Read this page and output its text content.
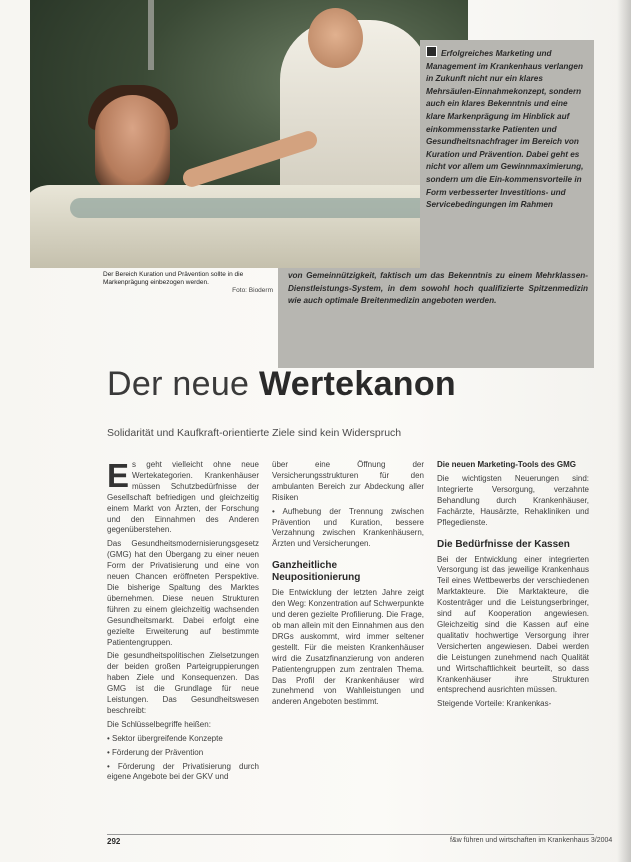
Erfolgreiches Marketing und Management im Krankenhaus verlangen in Zukunft nicht nur ein klares Mehrsäulen-Einnahmekonzept, sondern auch ein klares Bekenntnis und eine klare Markenprägung im Hinblick auf einkommensstarke Patienten und Gesundheitsnachfrager im Bereich von Kuration und Prävention. Dabei geht es nicht vor allem um Gewinnmaximierung, sondern um die Ein-kommensvorteile in Form verbesserter Investitions- und Servicebedingungen im Rahmen
von Gemeinnützigkeit, faktisch um das Bekenntnis zu einem Mehrklassen-Dienstleistungs-System, in dem sowohl hoch qualifizierte Spitzenmedizin wie auch optimale Breitenmedizin angeboten werden.
Der Bereich Kuration und Prävention sollte in die Markenprägung einbezogen werden.
Foto: Bioderm
Der neue Wertekanon
Solidarität und Kaufkraft-orientierte Ziele sind kein Widerspruch

Es geht vielleicht ohne neue Wertekategorien. Krankenhäuser müssen Schutzbedürfnisse der Gesellschaft befriedigen und gleichzeitig einem Markt von Ärzten, der Forschung und den Einnahmen des Anderen gegenüberstehen.

Das Gesundheitsmodernisierungsgesetz (GMG) hat den Übergang zu einer neuen Form der Privatisierung und eine von neuen Chancen eröffneten Perspektive. Die bisherige Spaltung des Marktes übernehmen. Diese neuen Strukturen führen zu einem gleichzeitig wachsenden Gesundheitsmarkt. Dabei erfolgt eine gezielte Erweiterung auf bestimmte Patientengruppen.

Die gesundheitspolitischen Zielsetzungen der beiden großen Parteigruppierungen haben Ziele und Konsequenzen. Das GMG ist die Grundlage für neue Leistungen. Das Gesundheitswesen beschreibt:

Die Schlüsselbegriffe heißen:

• Sektor übergreifende Konzepte

• Förderung der Prävention

• Förderung der Privatisierung durch eigene Angebote bei der GKV und

über eine Öffnung der Versicherungsstrukturen für den ambulanten Bereich zur Abdeckung aller Risiken

• Aufhebung der Trennung zwischen Prävention und Kuration, bessere Verzahnung zwischen Krankenhäusern, Ärzten und Versicherungen.

Ganzheitliche Neupositionierung

Die Entwicklung der letzten Jahre zeigt den Weg: Konzentration auf Schwerpunkte und deren gezielte Profilierung. Die Frage, ob man allein mit den Einnahmen aus den DRGs auskommt, wird immer seltener gestellt. Für die meisten Krankenhäuser wird die Zusatzfinanzierung von anderen Patientengruppen zum zentralen Thema. Das Profil der Krankenhäuser wird zunehmend von Wahlleistungen und anderen Angeboten bestimmt.

Die neuen Marketing-Tools des GMG

Die wichtigsten Neuerungen sind: Integrierte Versorgung, verzahnte Behandlung durch Krankenhäuser, Fachärzte, Hausärzte, Rehakliniken und Pflegedienste.

Die Bedürfnisse der Kassen

Bei der Entwicklung einer integrierten Versorgung ist das jeweilige Krankenhaus Teil eines Wettbewerbs der verschiedenen Marktakteure. Die Marktakteure, die Kostenträger und die Leistungserbringer, sind auf Kooperation angewiesen. Gleichzeitig sind die Kassen auf eine qualitativ hochwertige Versorgung ihrer Versicherten angewiesen. Dabei werden die Leistungen zunehmend nach Qualität und Wirtschaftlichkeit beurteilt, so dass Krankenhäuser ihre Strukturen entsprechend ausrichten müssen.

Steigende Vorteile: Krankenkas-

292	f&w führen und wirtschaften im Krankenhaus 3/2004
